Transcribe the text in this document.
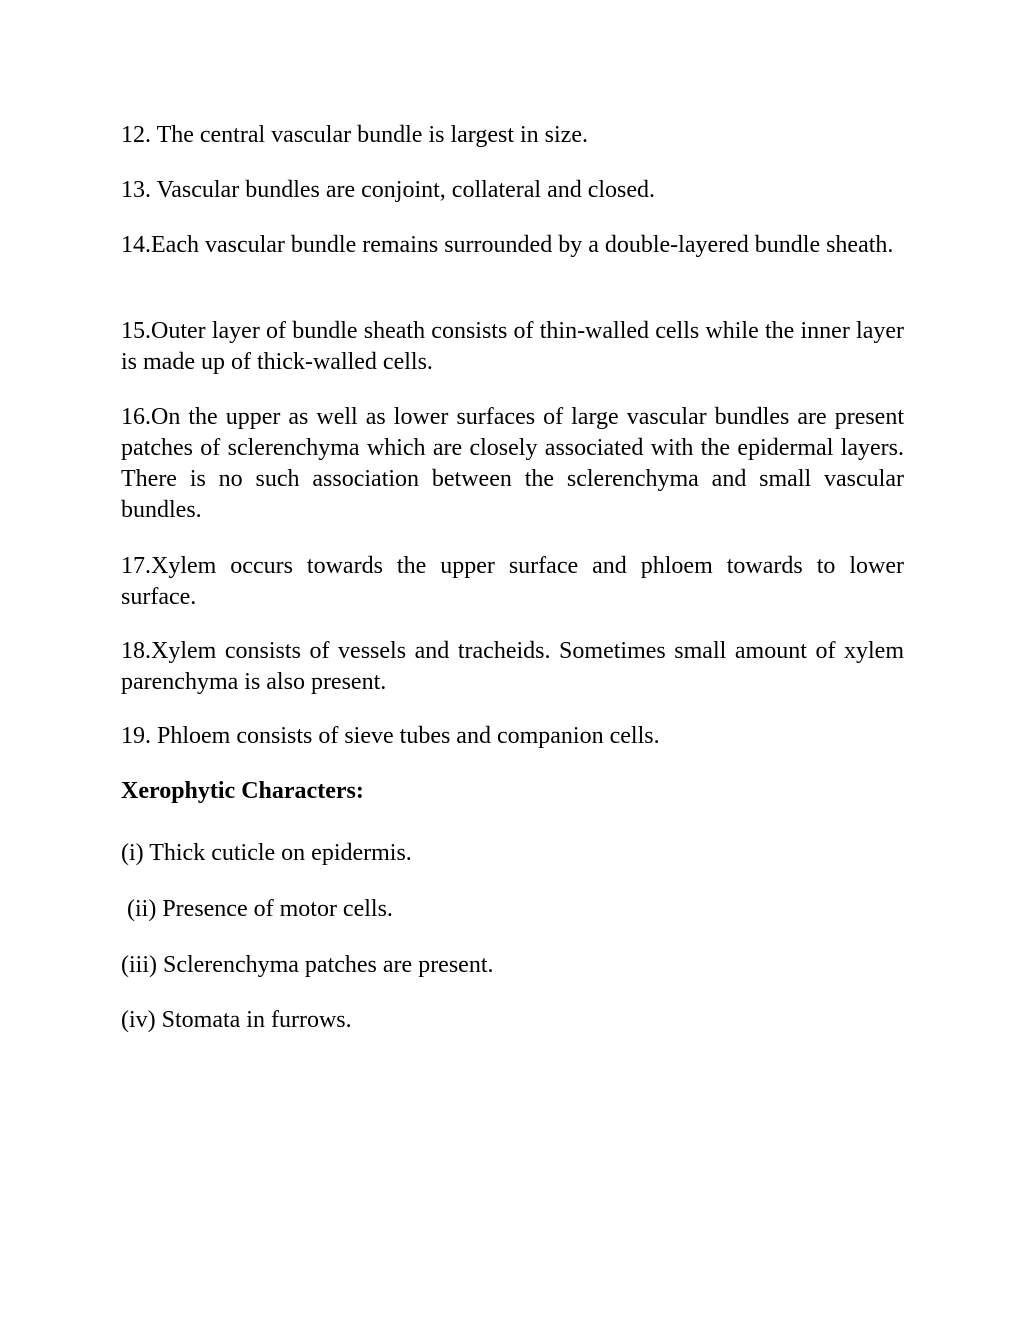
12. The central vascular bundle is largest in size.

13. Vascular bundles are conjoint, collateral and closed.

14.Each vascular bundle remains surrounded by a double-layered bundle sheath.

15.Outer layer of bundle sheath consists of thin-walled cells while the inner layer is made up of thick-walled cells.

16.On the upper as well as lower surfaces of large vascular bundles are present patches of sclerenchyma which are closely associated with the epidermal layers. There is no such association between the sclerenchyma and small vascular bundles.

17.Xylem occurs towards the upper surface and phloem towards to lower surface.

18.Xylem consists of vessels and tracheids. Sometimes small amount of xylem parenchyma is also present.

19. Phloem consists of sieve tubes and companion cells.

Xerophytic Characters:

(i) Thick cuticle on epidermis.

(ii) Presence of motor cells.

(iii) Sclerenchyma patches are present.

(iv) Stomata in furrows.
